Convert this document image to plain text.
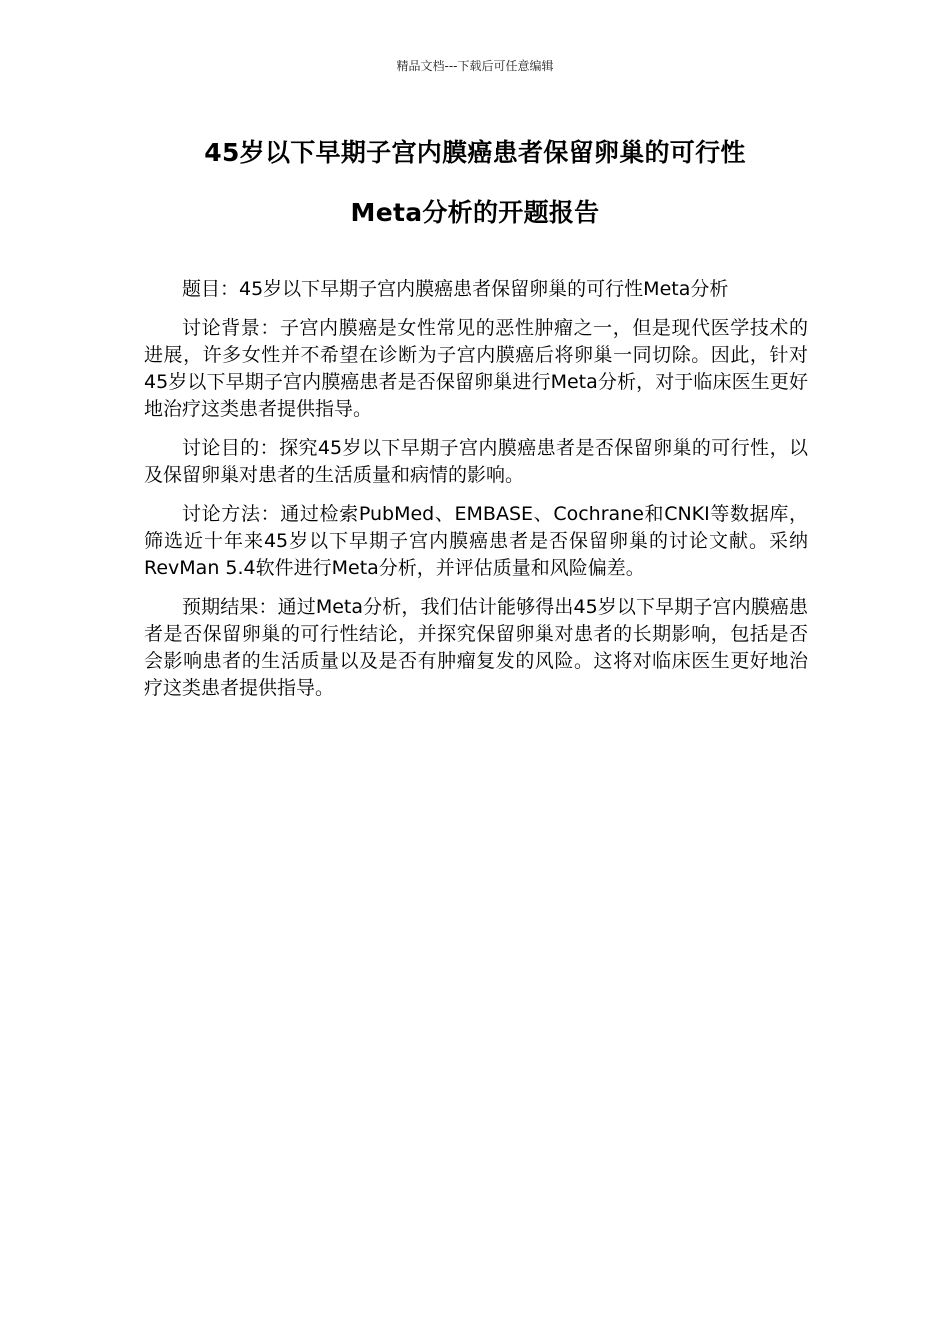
精品文档---下载后可任意编辑
45岁以下早期子宫内膜癌患者保留卵巢的可行性
Meta分析的开题报告

题目：45岁以下早期子宫内膜癌患者保留卵巢的可行性Meta分析

讨论背景：子宫内膜癌是女性常见的恶性肿瘤之一，但是现代医学技术的进展，许多女性并不希望在诊断为子宫内膜癌后将卵巢一同切除。因此，针对45岁以下早期子宫内膜癌患者是否保留卵巢进行Meta分析，对于临床医生更好地治疗这类患者提供指导。

讨论目的：探究45岁以下早期子宫内膜癌患者是否保留卵巢的可行性，以及保留卵巢对患者的生活质量和病情的影响。

讨论方法：通过检索PubMed、EMBASE、Cochrane和CNKI等数据库，筛选近十年来45岁以下早期子宫内膜癌患者是否保留卵巢的讨论文献。采纳RevMan 5.4软件进行Meta分析，并评估质量和风险偏差。

预期结果：通过Meta分析，我们估计能够得出45岁以下早期子宫内膜癌患者是否保留卵巢的可行性结论，并探究保留卵巢对患者的长期影响，包括是否会影响患者的生活质量以及是否有肿瘤复发的风险。这将对临床医生更好地治疗这类患者提供指导。
